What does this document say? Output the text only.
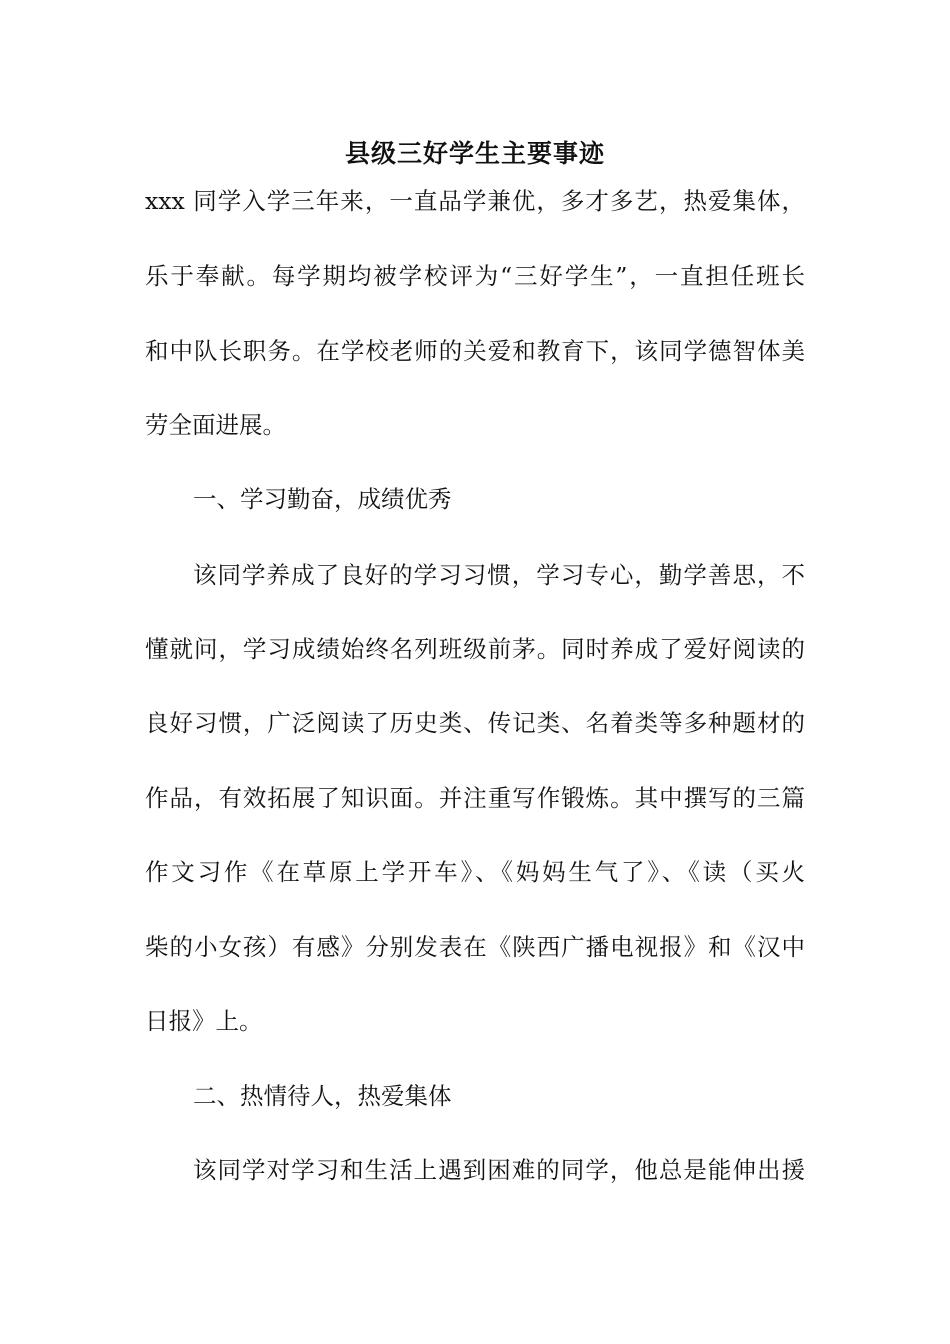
县级三好学生主要事迹
xxx 同学入学三年来，一直品学兼优，多才多艺，热爱集体，
乐于奉献。每学期均被学校评为“三好学生”，一直担任班长
和中队长职务。在学校老师的关爱和教育下，该同学德智体美
劳全面进展。
一、学习勤奋，成绩优秀
该同学养成了良好的学习习惯，学习专心，勤学善思，不
懂就问，学习成绩始终名列班级前茅。同时养成了爱好阅读的
良好习惯，广泛阅读了历史类、传记类、名着类等多种题材的
作品，有效拓展了知识面。并注重写作锻炼。其中撰写的三篇
作文习作《在草原上学开车》、《妈妈生气了》、《读（买火
柴的小女孩）有感》分别发表在《陕西广播电视报》和《汉中
日报》上。
二、热情待人，热爱集体
该同学对学习和生活上遇到困难的同学，他总是能伸出援
